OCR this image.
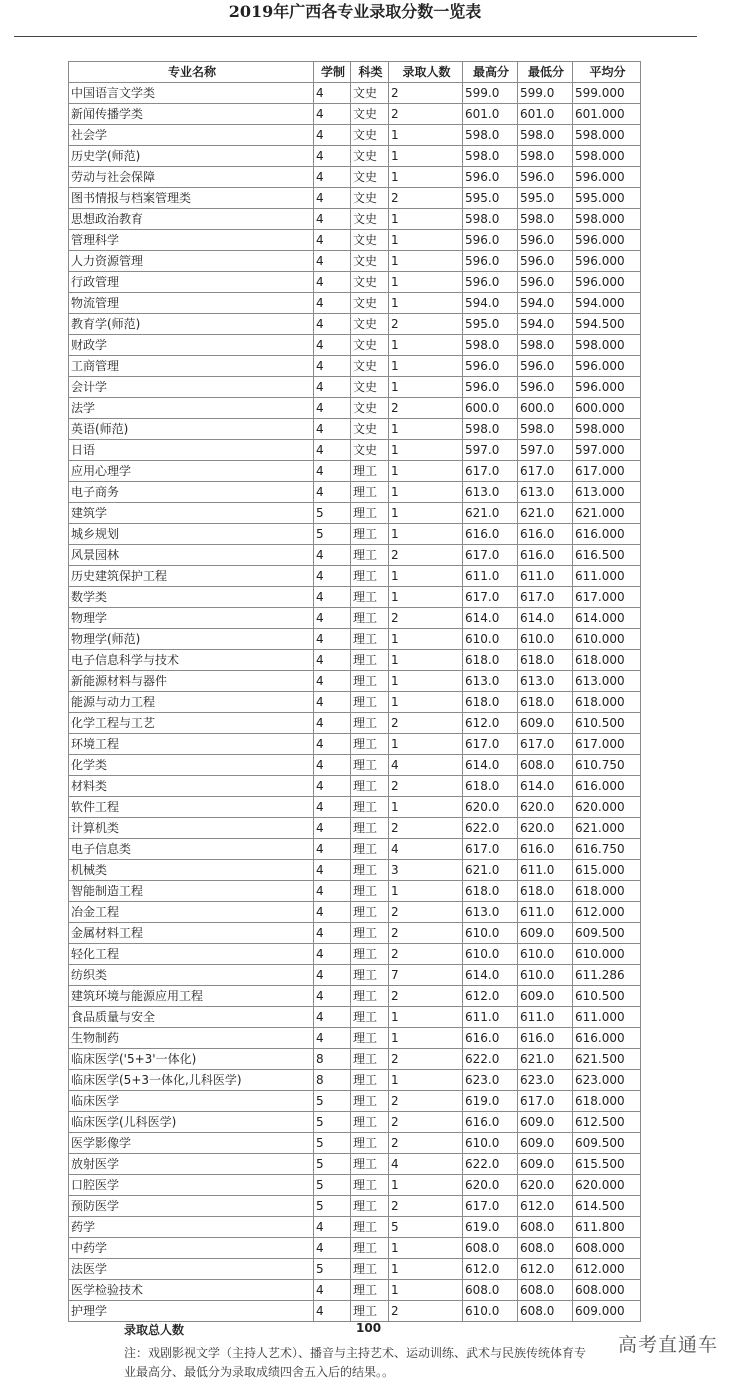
2019年广西各专业录取分数一览表
专业名称	学制	科类	录取人数	最高分	最低分	平均分
中国语言文学类	4	文史	2	599.0	599.0	599.000
新闻传播学类	4	文史	2	601.0	601.0	601.000
社会学	4	文史	1	598.0	598.0	598.000
历史学(师范)	4	文史	1	598.0	598.0	598.000
劳动与社会保障	4	文史	1	596.0	596.0	596.000
图书情报与档案管理类	4	文史	2	595.0	595.0	595.000
思想政治教育	4	文史	1	598.0	598.0	598.000
管理科学	4	文史	1	596.0	596.0	596.000
人力资源管理	4	文史	1	596.0	596.0	596.000
行政管理	4	文史	1	596.0	596.0	596.000
物流管理	4	文史	1	594.0	594.0	594.000
教育学(师范)	4	文史	2	595.0	594.0	594.500
财政学	4	文史	1	598.0	598.0	598.000
工商管理	4	文史	1	596.0	596.0	596.000
会计学	4	文史	1	596.0	596.0	596.000
法学	4	文史	2	600.0	600.0	600.000
英语(师范)	4	文史	1	598.0	598.0	598.000
日语	4	文史	1	597.0	597.0	597.000
应用心理学	4	理工	1	617.0	617.0	617.000
电子商务	4	理工	1	613.0	613.0	613.000
建筑学	5	理工	1	621.0	621.0	621.000
城乡规划	5	理工	1	616.0	616.0	616.000
风景园林	4	理工	2	617.0	616.0	616.500
历史建筑保护工程	4	理工	1	611.0	611.0	611.000
数学类	4	理工	1	617.0	617.0	617.000
物理学	4	理工	2	614.0	614.0	614.000
物理学(师范)	4	理工	1	610.0	610.0	610.000
电子信息科学与技术	4	理工	1	618.0	618.0	618.000
新能源材料与器件	4	理工	1	613.0	613.0	613.000
能源与动力工程	4	理工	1	618.0	618.0	618.000
化学工程与工艺	4	理工	2	612.0	609.0	610.500
环境工程	4	理工	1	617.0	617.0	617.000
化学类	4	理工	4	614.0	608.0	610.750
材料类	4	理工	2	618.0	614.0	616.000
软件工程	4	理工	1	620.0	620.0	620.000
计算机类	4	理工	2	622.0	620.0	621.000
电子信息类	4	理工	4	617.0	616.0	616.750
机械类	4	理工	3	621.0	611.0	615.000
智能制造工程	4	理工	1	618.0	618.0	618.000
冶金工程	4	理工	2	613.0	611.0	612.000
金属材料工程	4	理工	2	610.0	609.0	609.500
轻化工程	4	理工	2	610.0	610.0	610.000
纺织类	4	理工	7	614.0	610.0	611.286
建筑环境与能源应用工程	4	理工	2	612.0	609.0	610.500
食品质量与安全	4	理工	1	611.0	611.0	611.000
生物制药	4	理工	1	616.0	616.0	616.000
临床医学('5+3'一体化)	8	理工	2	622.0	621.0	621.500
临床医学(5+3一体化,儿科医学)	8	理工	1	623.0	623.0	623.000
临床医学	5	理工	2	619.0	617.0	618.000
临床医学(儿科医学)	5	理工	2	616.0	609.0	612.500
医学影像学	5	理工	2	610.0	609.0	609.500
放射医学	5	理工	4	622.0	609.0	615.500
口腔医学	5	理工	1	620.0	620.0	620.000
预防医学	5	理工	2	617.0	612.0	614.500
药学	4	理工	5	619.0	608.0	611.800
中药学	4	理工	1	608.0	608.0	608.000
法医学	5	理工	1	612.0	612.0	612.000
医学检验技术	4	理工	1	608.0	608.0	608.000
护理学	4	理工	2	610.0	608.0	609.000
录取总人数	100
注：戏剧影视文学（主持人艺术）、播音与主持艺术、运动训练、武术与民族传统体育专业最高分、最低分为录取成绩四舍五入后的结果。。
高考直通车
